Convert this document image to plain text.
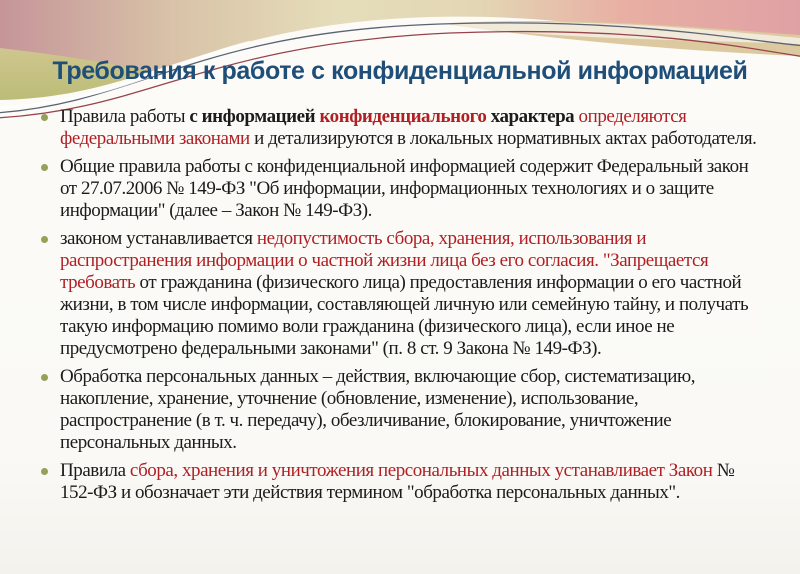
Требования к работе с конфиденциальной информацией
Правила работы с информацией конфиденциального характера определяются федеральными законами и детализируются в локальных нормативных актах работодателя.
Общие правила работы с конфиденциальной информацией содержит Федеральный закон от 27.07.2006 № 149-ФЗ "Об информации, информационных технологиях и о защите информации" (далее – Закон № 149-ФЗ).
законом устанавливается недопустимость сбора, хранения, использования и распространения информации о частной жизни лица без его согласия. "Запрещается требовать от гражданина (физического лица) предоставления информации о его частной жизни, в том числе информации, составляющей личную или семейную тайну, и получать такую информацию помимо воли гражданина (физического лица), если иное не предусмотрено федеральными законами" (п. 8 ст. 9 Закона № 149-ФЗ).
Обработка персональных данных – действия, включающие сбор, систематизацию, накопление, хранение, уточнение (обновление, изменение), использование, распространение (в т. ч. передачу), обезличивание, блокирование, уничтожение персональных данных.
Правила сбора, хранения и уничтожения персональных данных устанавливает Закон № 152-ФЗ и обозначает эти действия термином "обработка персональных данных".
